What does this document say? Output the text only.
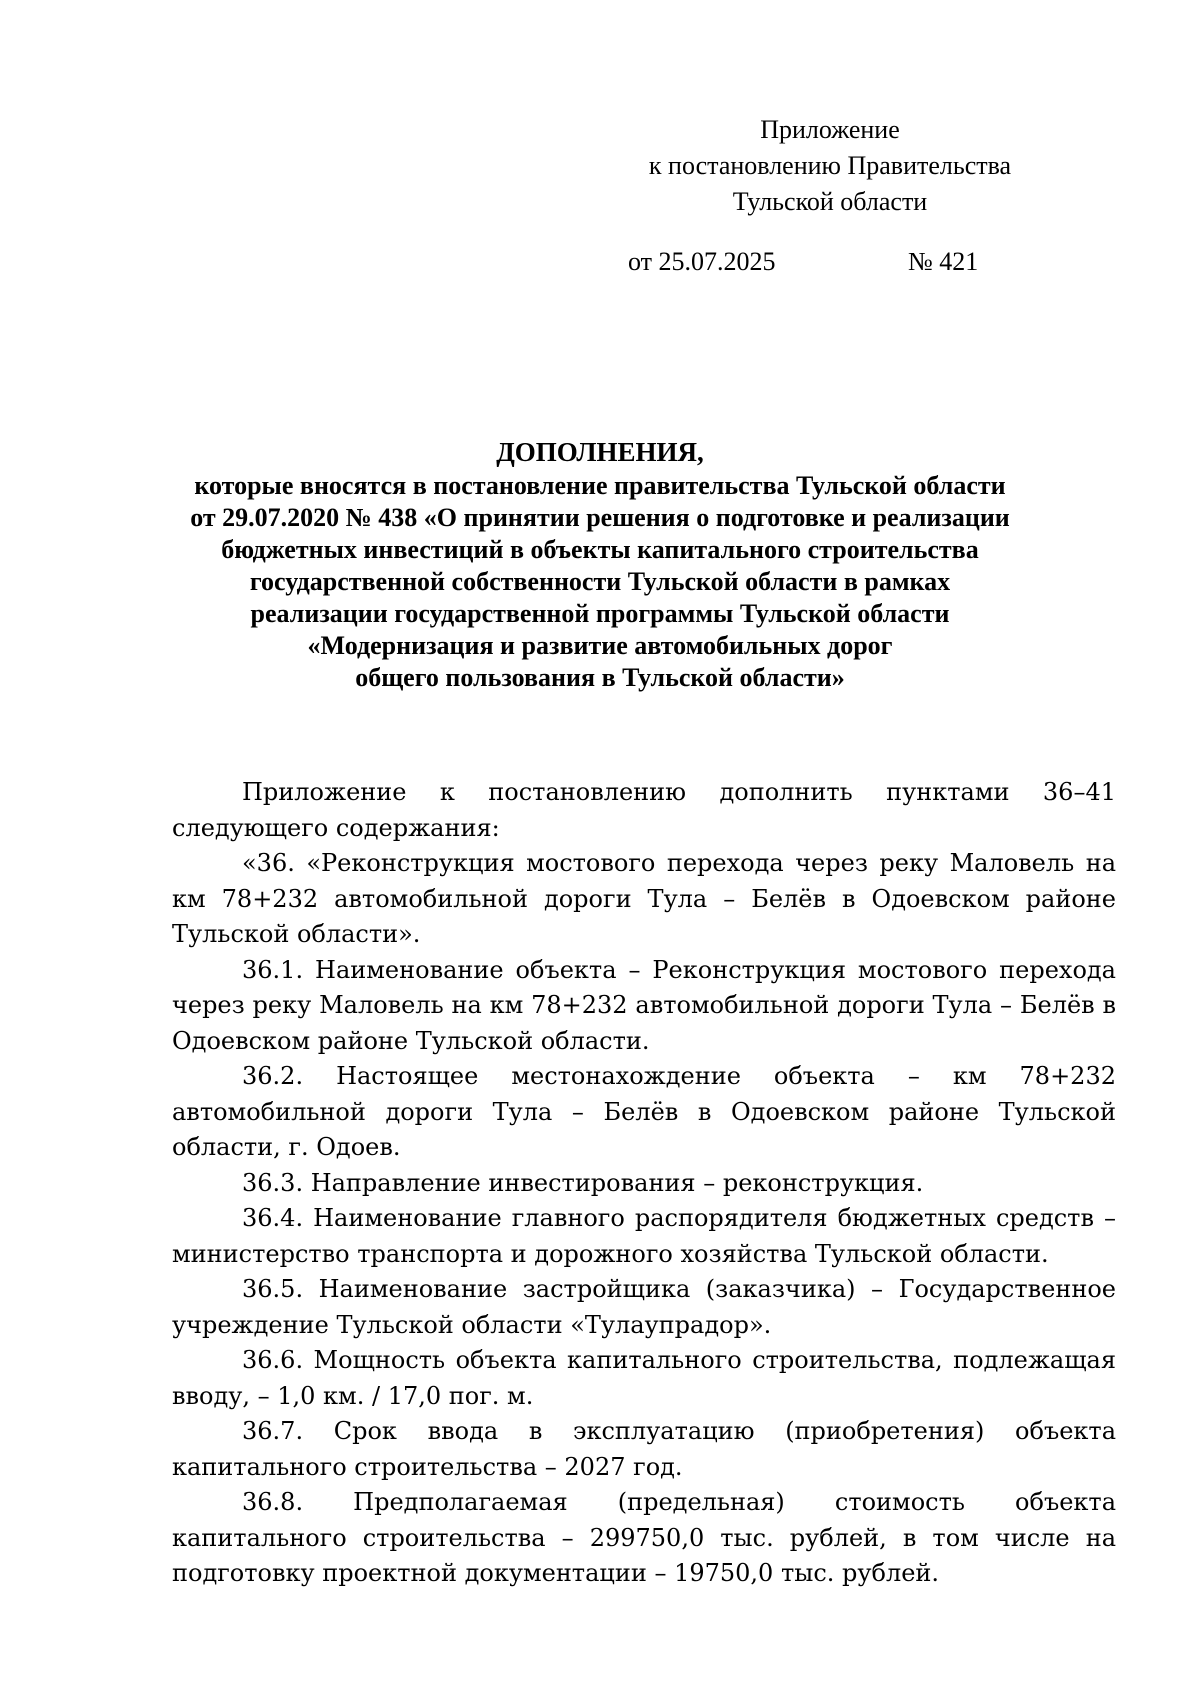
Приложение
к постановлению Правительства
Тульской области
от 25.07.2025	№ 421
ДОПОЛНЕНИЯ,
которые вносятся в постановление правительства Тульской области
от 29.07.2020 № 438 «О принятии решения о подготовке и реализации
бюджетных инвестиций в объекты капитального строительства
государственной собственности Тульской области в рамках
реализации государственной программы Тульской области
«Модернизация и развитие автомобильных дорог
общего пользования в Тульской области»

Приложение к постановлению дополнить пунктами 36–41 следующего содержания:

«36. «Реконструкция мостового перехода через реку Маловель на км 78+232 автомобильной дороги Тула – Белёв в Одоевском районе Тульской области».

36.1. Наименование объекта – Реконструкция мостового перехода через реку Маловель на км 78+232 автомобильной дороги Тула – Белёв в Одоевском районе Тульской области.

36.2. Настоящее местонахождение объекта – км 78+232 автомобильной дороги Тула – Белёв в Одоевском районе Тульской области, г. Одоев.

36.3. Направление инвестирования – реконструкция.

36.4. Наименование главного распорядителя бюджетных средств – министерство транспорта и дорожного хозяйства Тульской области.

36.5. Наименование застройщика (заказчика) – Государственное учреждение Тульской области «Тулаупрадор».

36.6. Мощность объекта капитального строительства, подлежащая вводу, – 1,0 км. / 17,0 пог. м.

36.7. Срок ввода в эксплуатацию (приобретения) объекта капитального строительства – 2027 год.

36.8. Предполагаемая (предельная) стоимость объекта капитального строительства – 299750,0 тыс. рублей, в том числе на подготовку проектной документации – 19750,0 тыс. рублей.
